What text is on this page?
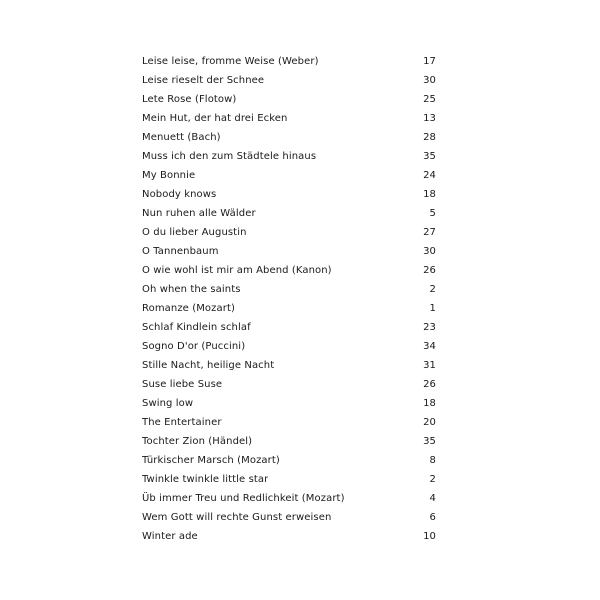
Leise leise, fromme Weise (Weber)	17
Leise rieselt der Schnee	30
Lete Rose (Flotow)	25
Mein Hut, der hat drei Ecken	13
Menuett (Bach)	28
Muss ich den zum Städtele hinaus	35
My Bonnie	24
Nobody knows	18
Nun ruhen alle Wälder	5
O du lieber Augustin	27
O Tannenbaum	30
O wie wohl ist mir am Abend (Kanon)	26
Oh when the saints	2
Romanze (Mozart)	1
Schlaf Kindlein schlaf	23
Sogno D'or (Puccini)	34
Stille Nacht, heilige Nacht	31
Suse liebe Suse	26
Swing low	18
The Entertainer	20
Tochter Zion (Händel)	35
Türkischer Marsch (Mozart)	8
Twinkle twinkle little star	2
Üb immer Treu und Redlichkeit (Mozart)	4
Wem Gott will rechte Gunst erweisen	6
Winter ade	10
